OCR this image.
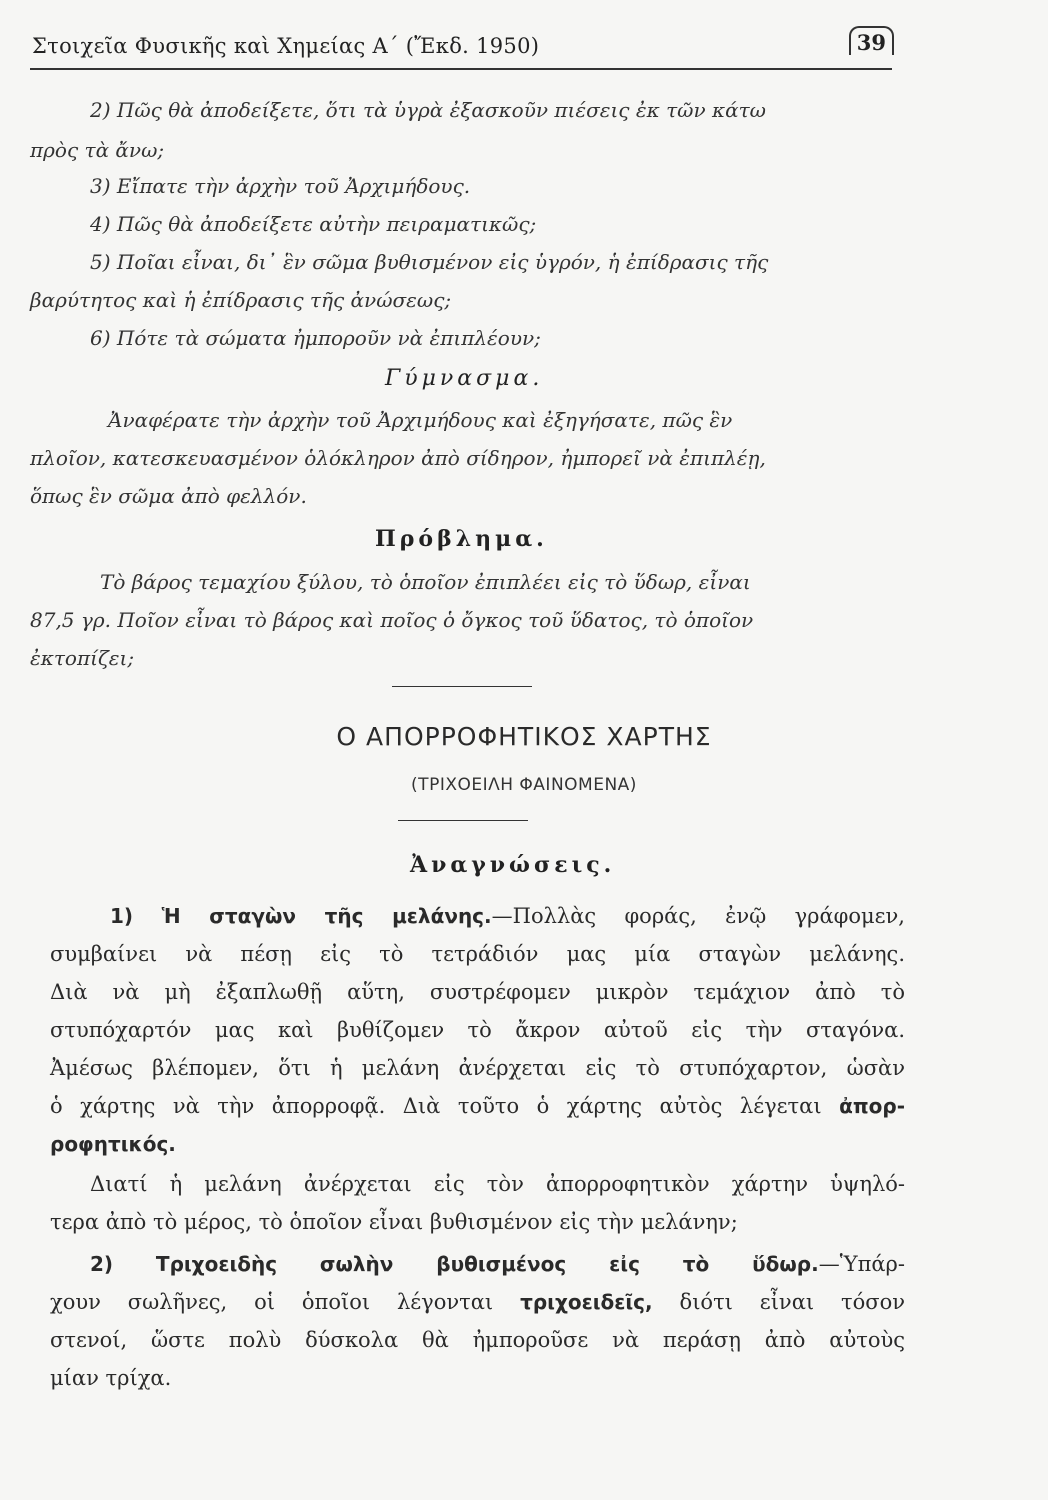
Στοιχεῖα Φυσικῆς καὶ Χημείας Α΄ (Ἔκδ. 1950)	39
2) Πῶς θὰ ἀποδείξετε, ὅτι τὰ ὑγρὰ ἐξασκοῦν πιέσεις ἐκ τῶν κάτω
πρὸς τὰ ἄνω;
3) Εἴπατε τὴν ἀρχὴν τοῦ Ἀρχιμήδους.
4) Πῶς θὰ ἀποδείξετε αὐτὴν πειραματικῶς;
5) Ποῖαι εἶναι, δι᾿ ἓν σῶμα βυθισμένον εἰς ὑγρόν, ἡ ἐπίδρασις τῆς
βαρύτητος καὶ ἡ ἐπίδρασις τῆς ἀνώσεως;
6) Πότε τὰ σώματα ἠμποροῦν νὰ ἐπιπλέουν;
Γύμνασμα.
Ἀναφέρατε τὴν ἀρχὴν τοῦ Ἀρχιμήδους καὶ ἐξηγήσατε, πῶς ἓν
πλοῖον, κατεσκευασμένον ὁλόκληρον ἀπὸ σίδηρον, ἠμπορεῖ νὰ ἐπιπλέῃ,
ὅπως ἓν σῶμα ἀπὸ φελλόν.
Πρόβλημα.
Τὸ βάρος τεμαχίου ξύλου, τὸ ὁποῖον ἐπιπλέει εἰς τὸ ὕδωρ, εἶναι
87,5 γρ. Ποῖον εἶναι τὸ βάρος καὶ ποῖος ὁ ὄγκος τοῦ ὕδατος, τὸ ὁποῖον
ἐκτοπίζει;
Ο ΑΠΟΡΡΟΦΗΤΙΚΟΣ ΧΑΡΤΗΣ
(ΤΡΙΧΟΕΙΛΗ ΦΑΙΝΟΜΕΝΑ)
Ἀναγνώσεις.
1) Ἡ σταγὼν τῆς μελάνης.—Πολλὰς φοράς, ἐνῷ γράφομεν,
συμβαίνει νὰ πέσῃ εἰς τὸ τετράδιόν μας μία σταγὼν μελάνης.
Διὰ νὰ μὴ ἐξαπλωθῇ αὕτη, συστρέφομεν μικρὸν τεμάχιον ἀπὸ τὸ
στυπόχαρτόν μας καὶ βυθίζομεν τὸ ἄκρον αὐτοῦ εἰς τὴν σταγόνα.
Ἀμέσως βλέπομεν, ὅτι ἡ μελάνη ἀνέρχεται εἰς τὸ στυπόχαρτον, ὡσὰν
ὁ χάρτης νὰ τὴν ἀπορροφᾷ. Διὰ τοῦτο ὁ χάρτης αὐτὸς λέγεται ἀπορ-
ροφητικός.
Διατί ἡ μελάνη ἀνέρχεται εἰς τὸν ἀπορροφητικὸν χάρτην ὑψηλό-
τερα ἀπὸ τὸ μέρος, τὸ ὁποῖον εἶναι βυθισμένον εἰς τὴν μελάνην;
2) Τριχοειδὴς σωλὴν βυθισμένος εἰς τὸ ὕδωρ.—Ὑπάρ-
χουν σωλῆνες, οἱ ὁποῖοι λέγονται τριχοειδεῖς, διότι εἶναι τόσον
στενοί, ὥστε πολὺ δύσκολα θὰ ἠμποροῦσε νὰ περάσῃ ἀπὸ αὐτοὺς
μίαν τρίχα.
